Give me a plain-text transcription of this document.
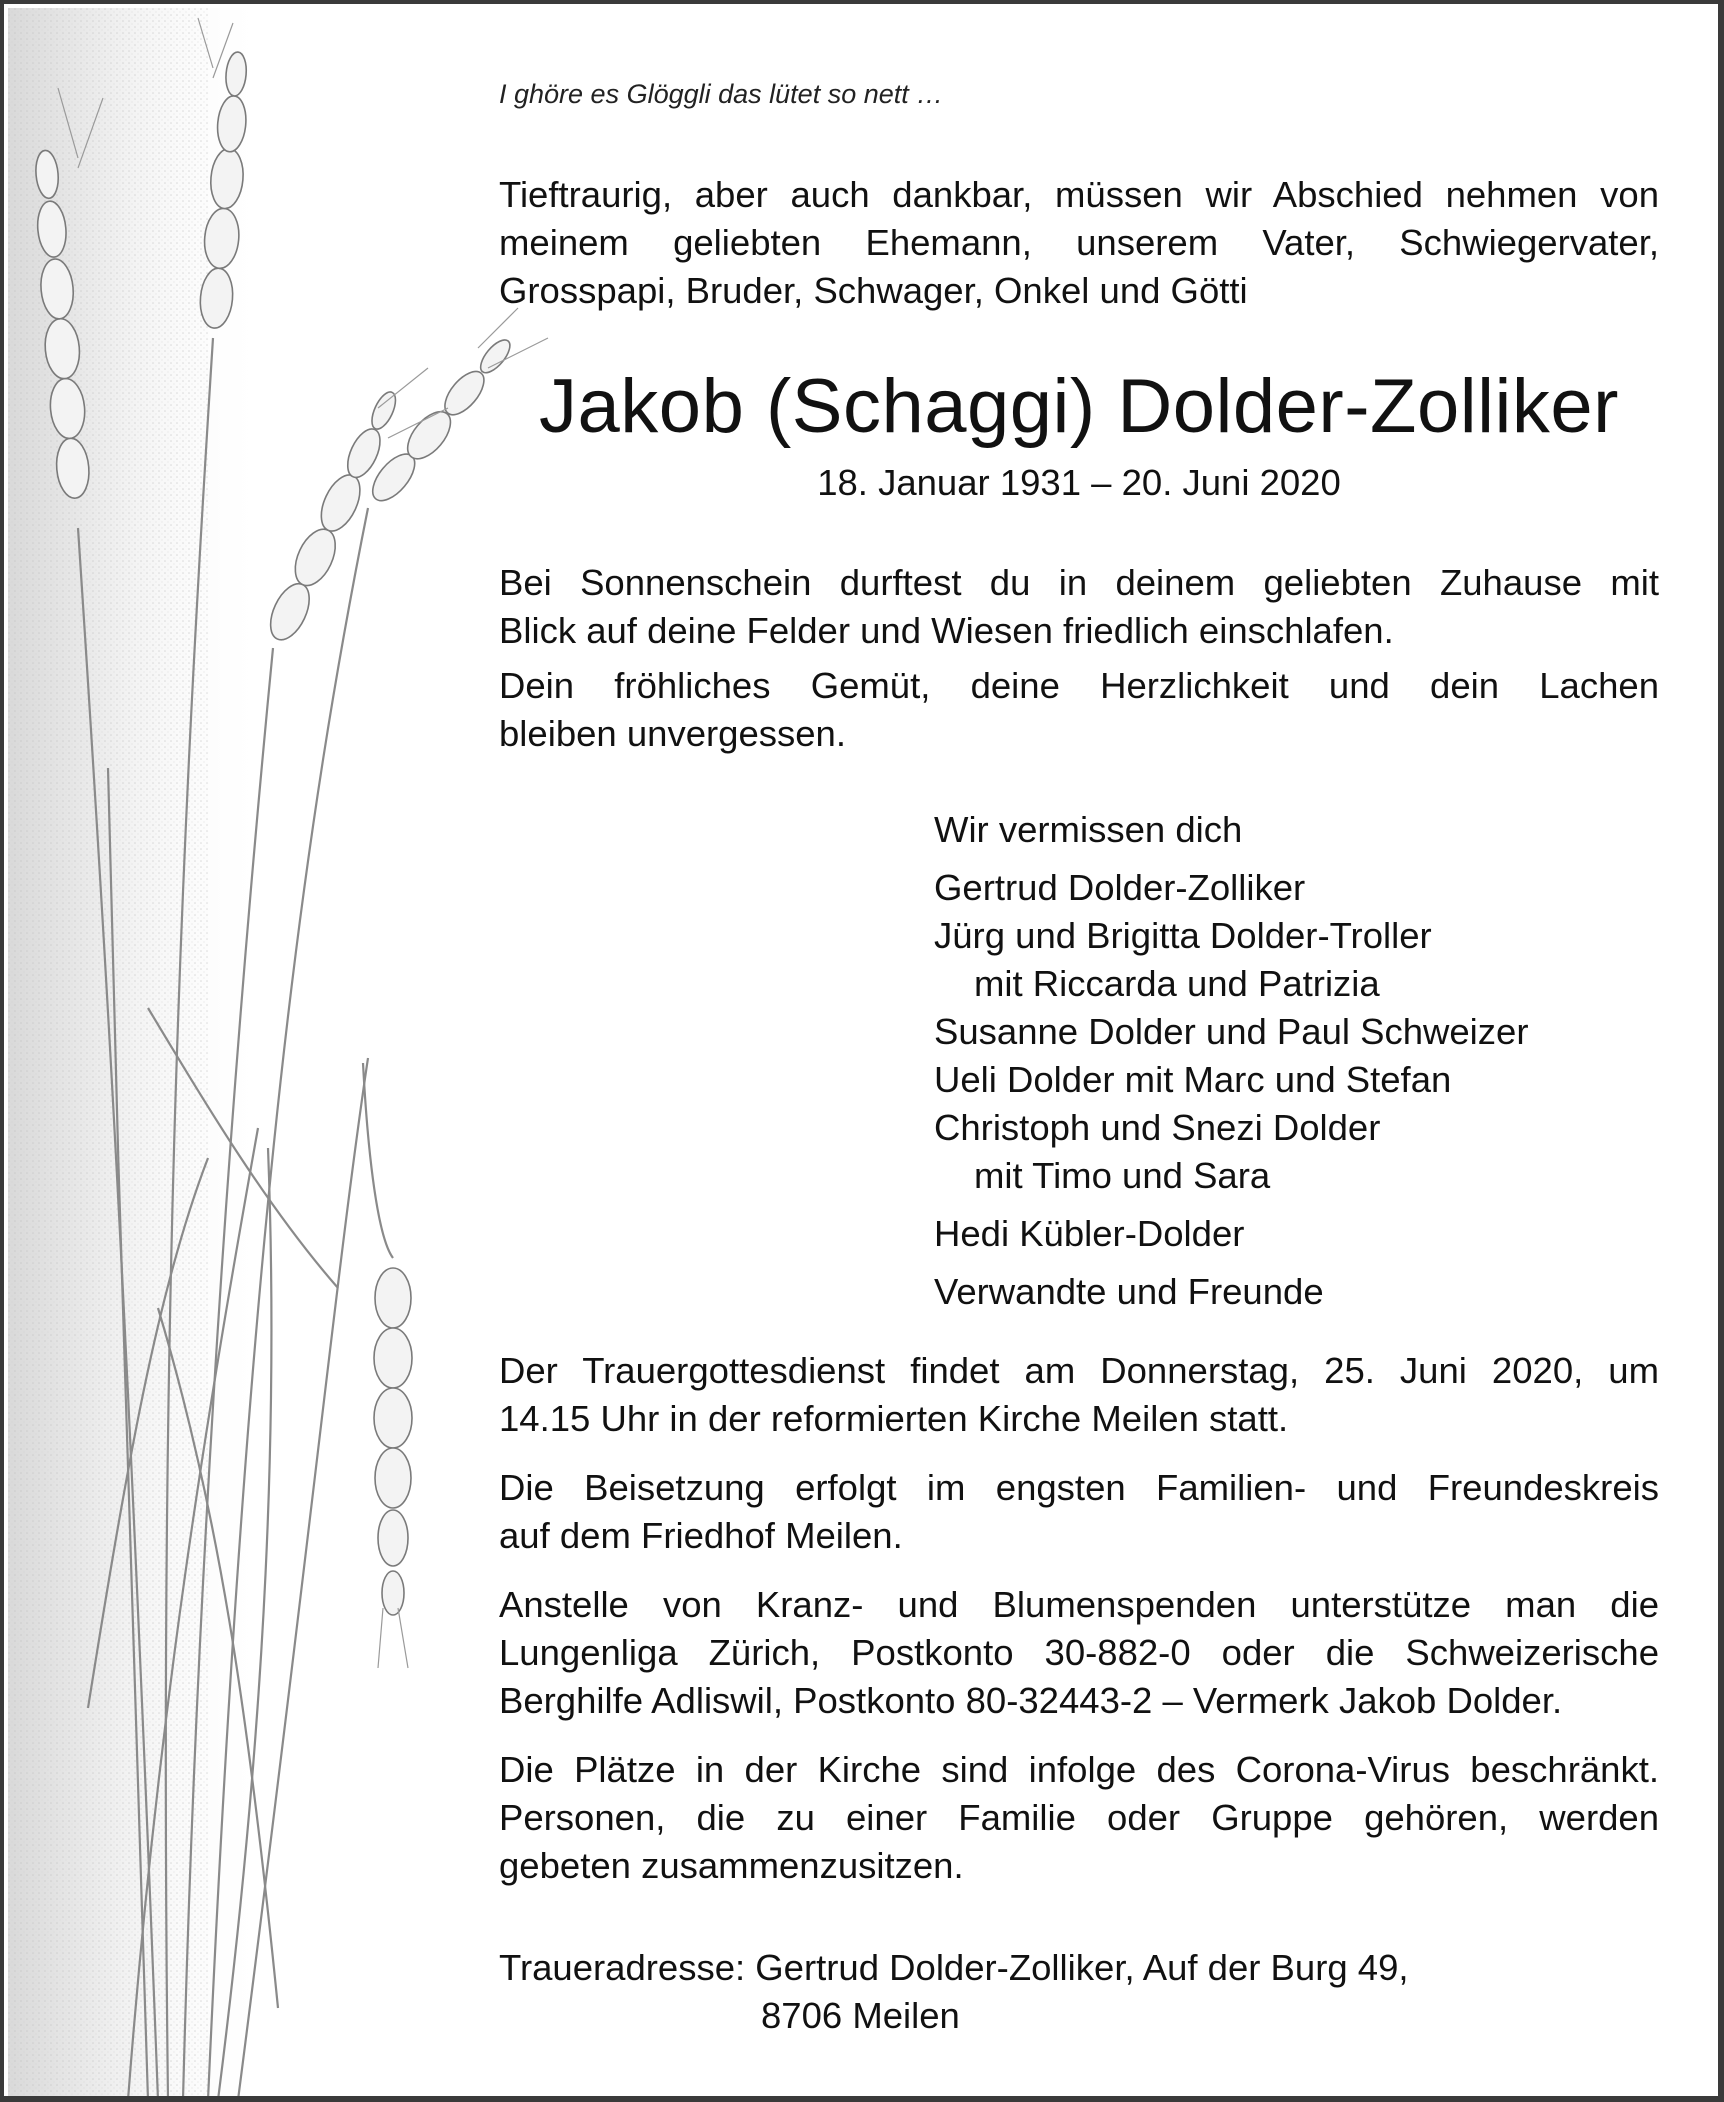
I ghöre es Glöggli das lütet so nett …
Tieftraurig, aber auch dankbar, müssen wir Abschied nehmen von
meinem geliebten Ehemann, unserem Vater, Schwiegervater,
Grosspapi, Bruder, Schwager, Onkel und Götti
Jakob (Schaggi) Dolder-Zolliker
18. Januar 1931 – 20. Juni 2020
Bei Sonnenschein durftest du in deinem geliebten Zuhause mit
Blick auf deine Felder und Wiesen friedlich einschlafen.
Dein fröhliches Gemüt, deine Herzlichkeit und dein Lachen
bleiben unvergessen.
Wir vermissen dich
Gertrud Dolder-Zolliker
Jürg und Brigitta Dolder-Troller
mit Riccarda und Patrizia
Susanne Dolder und Paul Schweizer
Ueli Dolder mit Marc und Stefan
Christoph und Snezi Dolder
mit Timo und Sara
Hedi Kübler-Dolder
Verwandte und Freunde
Der Trauergottesdienst findet am Donnerstag, 25. Juni 2020, um
14.15 Uhr in der reformierten Kirche Meilen statt.
Die Beisetzung erfolgt im engsten Familien- und Freundeskreis
auf dem Friedhof Meilen.
Anstelle von Kranz- und Blumenspenden unterstütze man die
Lungenliga Zürich, Postkonto 30-882-0 oder die Schweizerische
Berghilfe Adliswil, Postkonto 80-32443-2 – Vermerk Jakob Dolder.
Die Plätze in der Kirche sind infolge des Corona-Virus beschränkt.
Personen, die zu einer Familie oder Gruppe gehören, werden
gebeten zusammenzusitzen.
Traueradresse: Gertrud Dolder-Zolliker, Auf der Burg 49,
8706 Meilen
